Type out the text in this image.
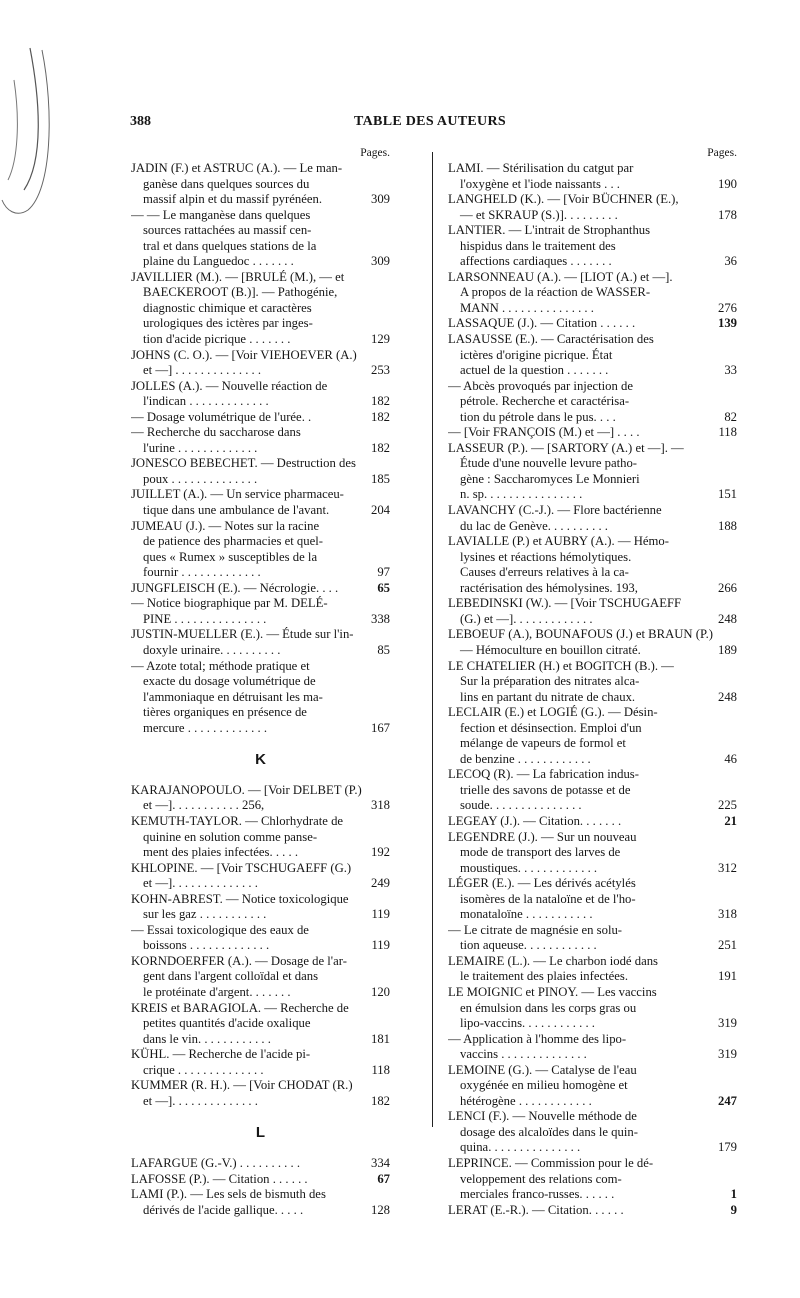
388	TABLE DES AUTEURS
Pages.
JADIN (F.) et ASTRUC (A.). — Le man-
ganèse dans quelques sources du
massif alpin et du massif pyrénéen.	309
— — Le manganèse dans quelques
sources rattachées au massif cen-
tral et dans quelques stations de la
plaine du Languedoc . . . . . . .	309
JAVILLIER (M.). — [BRULÉ (M.), — et
BAECKEROOT (B.)]. — Pathogénie,
diagnostic chimique et caractères
urologiques des ictères par inges-
tion d'acide picrique . . . . . . .	129
JOHNS (C. O.). — [Voir VIEHOEVER (A.)
et —] . . . . . . . . . . . . . .	253
JOLLES (A.). — Nouvelle réaction de
l'indican . . . . . . . . . . . . .	182
— Dosage volumétrique de l'urée. .	182
— Recherche du saccharose dans
l'urine . . . . . . . . . . . . .	182
JONESCO BEBECHET. — Destruction des
poux . . . . . . . . . . . . . .	185
JUILLET (A.). — Un service pharmaceu-
tique dans une ambulance de l'avant.	204
JUMEAU (J.). — Notes sur la racine
de patience des pharmacies et quel-
ques « Rumex » susceptibles de la
fournir . . . . . . . . . . . . .	97
JUNGFLEISCH (E.). — Nécrologie. . . .	65
— Notice biographique par M. DELÉ-
PINE . . . . . . . . . . . . . . .	338
JUSTIN-MUELLER (E.). — Étude sur l'in-
doxyle urinaire. . . . . . . . . .	85
— Azote total; méthode pratique et
exacte du dosage volumétrique de
l'ammoniaque en détruisant les ma-
tières organiques en présence de
mercure . . . . . . . . . . . . .	167
K
KARAJANOPOULO. — [Voir DELBET (P.)
et —]. . . . . . . . . . . 256,	318
KEMUTH-TAYLOR. — Chlorhydrate de
quinine en solution comme panse-
ment des plaies infectées. . . . .	192
KHLOPINE. — [Voir TSCHUGAEFF (G.)
et —]. . . . . . . . . . . . . .	249
KOHN-ABREST. — Notice toxicologique
sur les gaz . . . . . . . . . . .	119
— Essai toxicologique des eaux de
boissons . . . . . . . . . . . . .	119
KORNDOERFER (A.). — Dosage de l'ar-
gent dans l'argent colloïdal et dans
le protéinate d'argent. . . . . . .	120
KREIS et BARAGIOLA. — Recherche de
petites quantités d'acide oxalique
dans le vin. . . . . . . . . . . .	181
KÜHL. — Recherche de l'acide pi-
crique . . . . . . . . . . . . . .	118
KUMMER (R. H.). — [Voir CHODAT (R.)
et —]. . . . . . . . . . . . . .	182
L
LAFARGUE (G.-V.) . . . . . . . . . .	334
LAFOSSE (P.). — Citation . . . . . .	67
LAMI (P.). — Les sels de bismuth des
dérivés de l'acide gallique. . . . .	128
Pages.
LAMI. — Stérilisation du catgut par
l'oxygène et l'iode naissants . . .	190
LANGHELD (K.). — [Voir BÜCHNER (E.),
— et SKRAUP (S.)]. . . . . . . . .	178
LANTIER. — L'intrait de Strophanthus
hispidus dans le traitement des
affections cardiaques . . . . . . .	36
LARSONNEAU (A.). — [LIOT (A.) et —].
A propos de la réaction de WASSER-
MANN . . . . . . . . . . . . . . .	276
LASSAQUE (J.). — Citation . . . . . .	139
LASAUSSE (E.). — Caractérisation des
ictères d'origine picrique. État
actuel de la question . . . . . . .	33
— Abcès provoqués par injection de
pétrole. Recherche et caractérisa-
tion du pétrole dans le pus. . . .	82
— [Voir FRANÇOIS (M.) et —] . . . .	118
LASSEUR (P.). — [SARTORY (A.) et —]. —
Étude d'une nouvelle levure patho-
gène : Saccharomyces Le Monnieri
n. sp. . . . . . . . . . . . . . . .	151
LAVANCHY (C.-J.). — Flore bactérienne
du lac de Genève. . . . . . . . . .	188
LAVIALLE (P.) et AUBRY (A.). — Hémo-
lysines et réactions hémolytiques.
Causes d'erreurs relatives à la ca-
ractérisation des hémolysines. 193,	266
LEBEDINSKI (W.). — [Voir TSCHUGAEFF
(G.) et —]. . . . . . . . . . . . .	248
LEBOEUF (A.), BOUNAFOUS (J.) et BRAUN (P.)
— Hémoculture en bouillon citraté.	189
LE CHATELIER (H.) et BOGITCH (B.). —
Sur la préparation des nitrates alca-
lins en partant du nitrate de chaux.	248
LECLAIR (E.) et LOGIÉ (G.). — Désin-
fection et désinsection. Emploi d'un
mélange de vapeurs de formol et
de benzine . . . . . . . . . . . .	46
LECOQ (R). — La fabrication indus-
trielle des savons de potasse et de
soude. . . . . . . . . . . . . . .	225
LEGEAY (J.). — Citation. . . . . . .	21
LEGENDRE (J.). — Sur un nouveau
mode de transport des larves de
moustiques. . . . . . . . . . . . .	312
LÉGER (E.). — Les dérivés acétylés
isomères de la nataloïne et de l'ho-
monataloïne . . . . . . . . . . .	318
— Le citrate de magnésie en solu-
tion aqueuse. . . . . . . . . . . .	251
LEMAIRE (L.). — Le charbon iodé dans
le traitement des plaies infectées.	191
LE MOIGNIC et PINOY. — Les vaccins
en émulsion dans les corps gras ou
lipo-vaccins. . . . . . . . . . . .	319
— Application à l'homme des lipo-
vaccins . . . . . . . . . . . . . .	319
LEMOINE (G.). — Catalyse de l'eau
oxygénée en milieu homogène et
hétérogène . . . . . . . . . . . .	247
LENCI (F.). — Nouvelle méthode de
dosage des alcaloïdes dans le quin-
quina. . . . . . . . . . . . . . .	179
LEPRINCE. — Commission pour le dé-
veloppement des relations com-
merciales franco-russes. . . . . .	1
LERAT (E.-R.). — Citation. . . . . .	9
